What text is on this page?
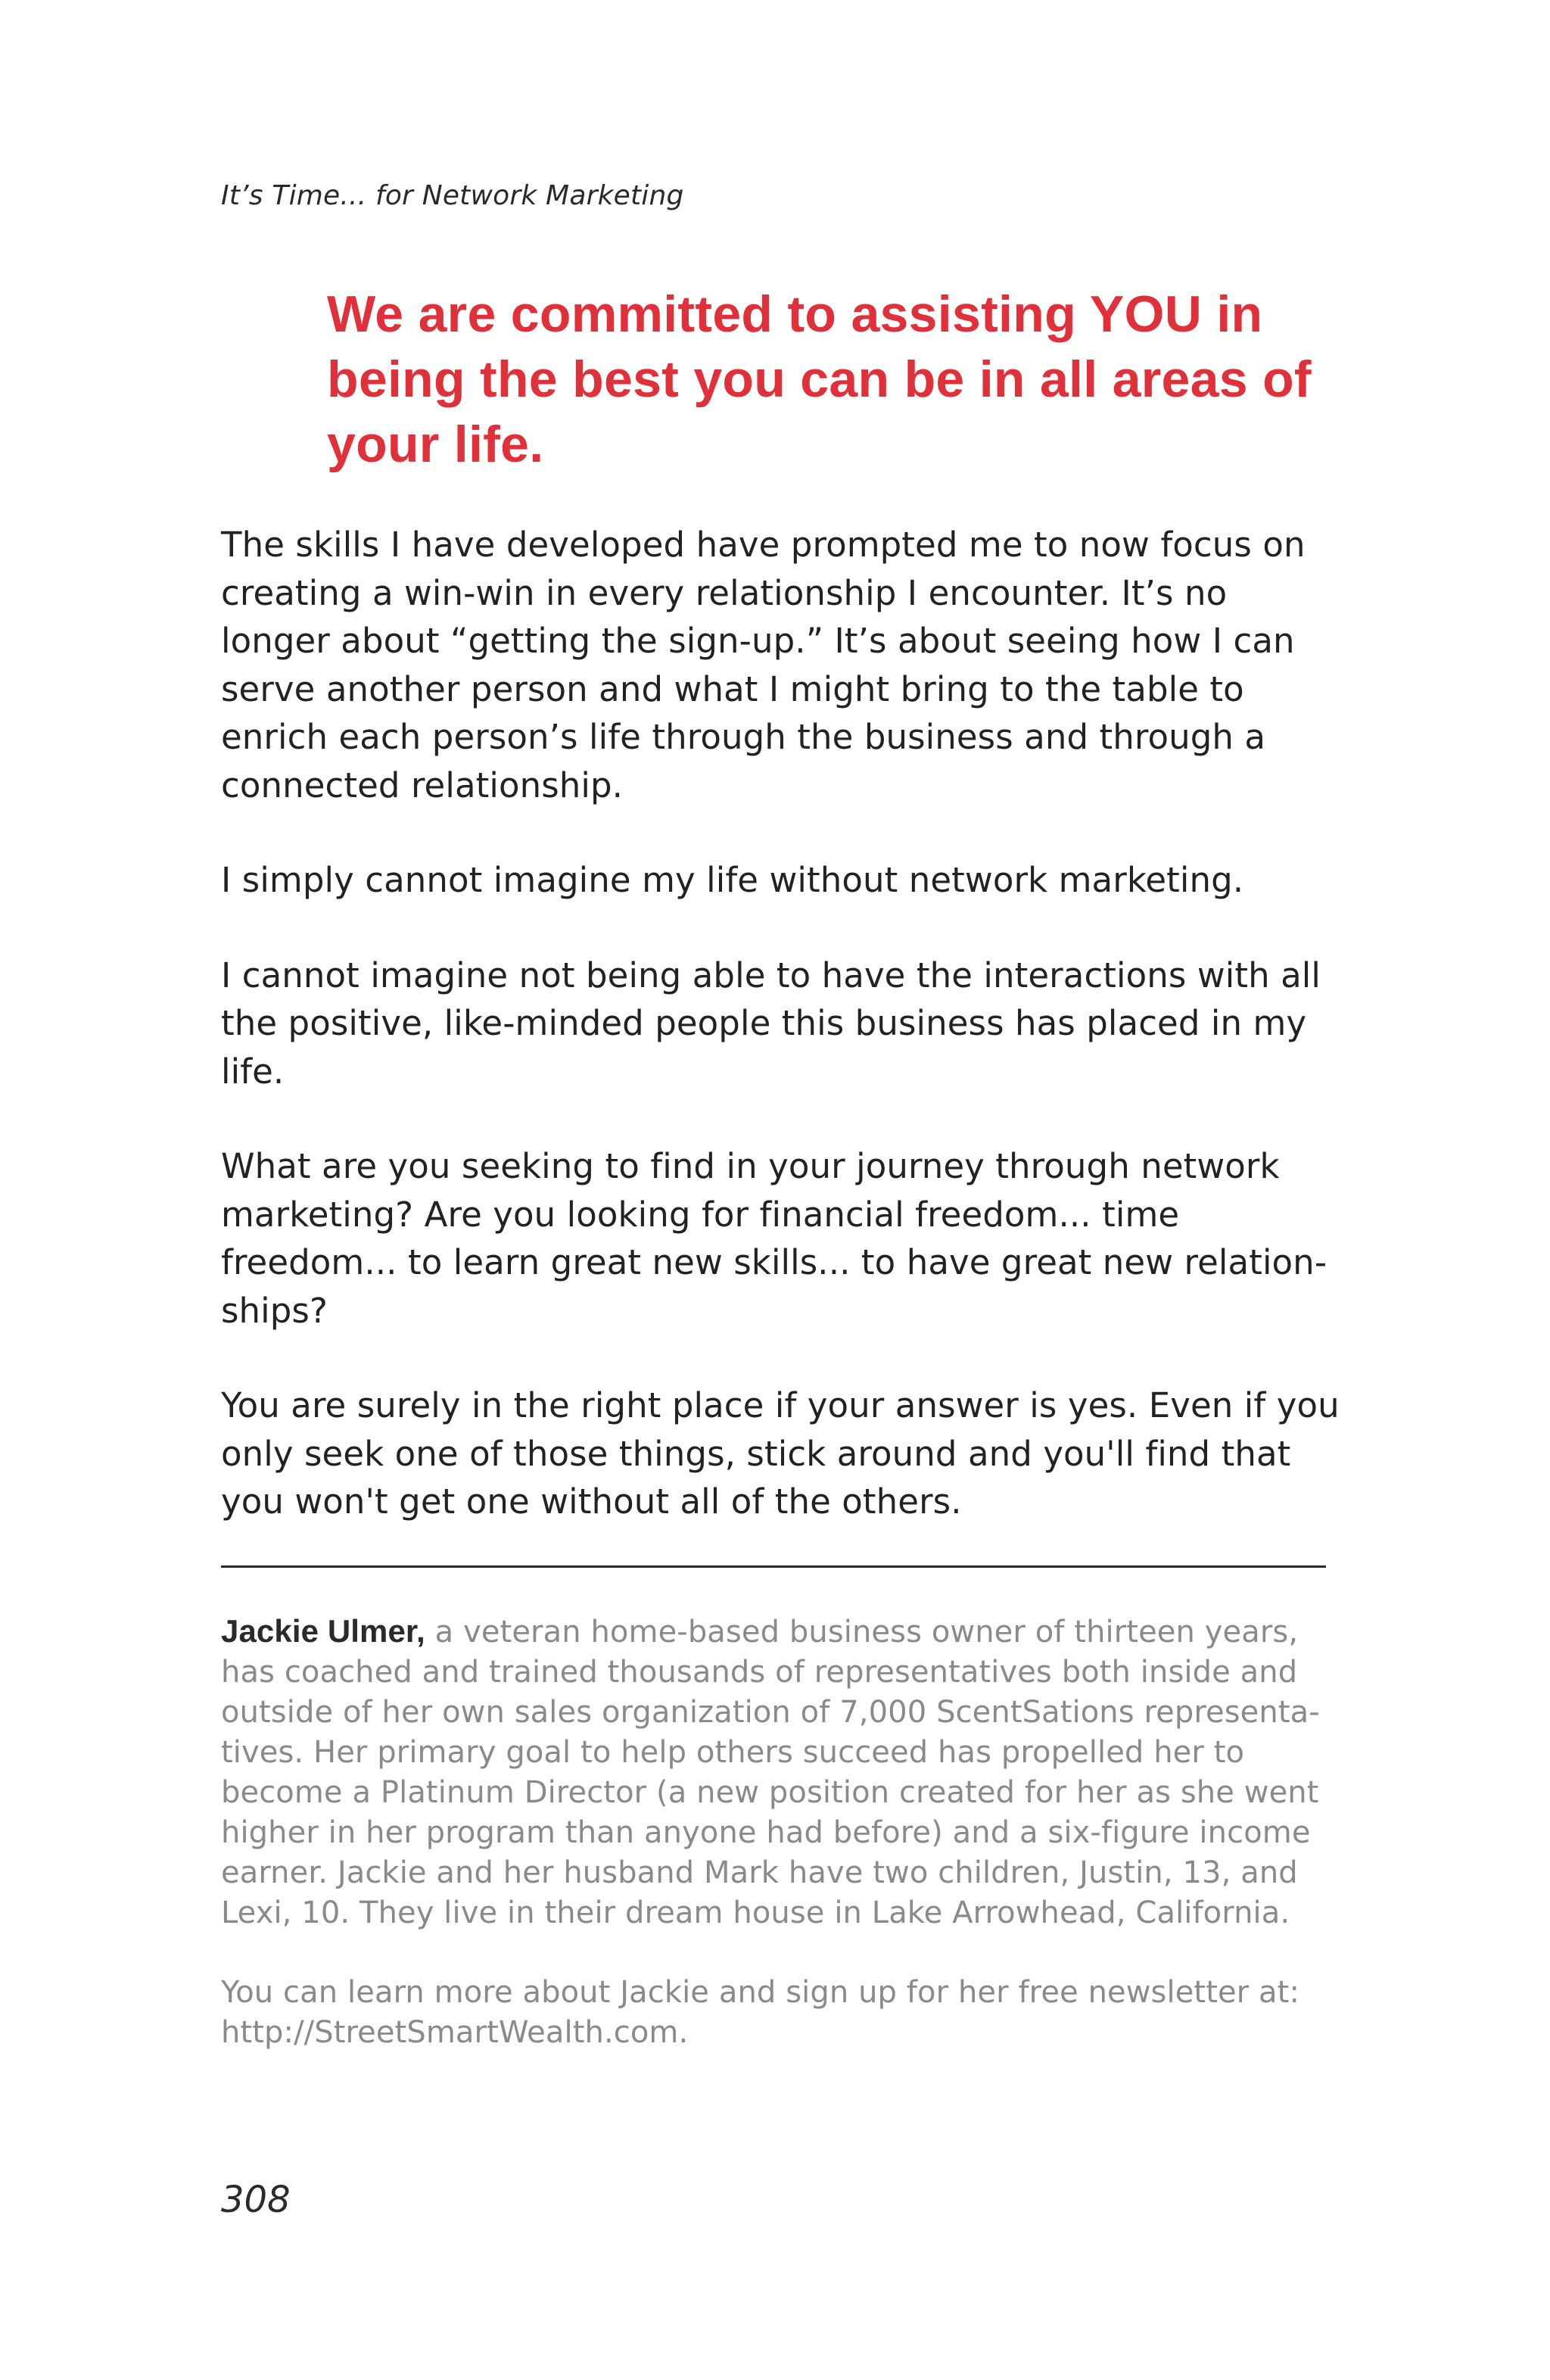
It’s Time... for Network Marketing
We are committed to assisting YOU in being the best you can be in all areas of your life.

The skills I have developed have prompted me to now focus on creating a win-win in every relationship I encounter. It’s no longer about “getting the sign-up.” It’s about seeing how I can serve another person and what I might bring to the table to enrich each person’s life through the business and through a connected relationship.

I simply cannot imagine my life without network marketing.

I cannot imagine not being able to have the interactions with all the positive, like-minded people this business has placed in my life.

What are you seeking to find in your journey through network marketing? Are you looking for financial freedom... time freedom... to learn great new skills... to have great new relationships?

You are surely in the right place if your answer is yes. Even if you only seek one of those things, stick around and you'll find that you won't get one without all of the others.

Jackie Ulmer, a veteran home-based business owner of thirteen years, has coached and trained thousands of representatives both inside and outside of her own sales organization of 7,000 ScentSations representatives. Her primary goal to help others succeed has propelled her to become a Platinum Director (a new position created for her as she went higher in her program than anyone had before) and a six-figure income earner. Jackie and her husband Mark have two children, Justin, 13, and Lexi, 10. They live in their dream house in Lake Arrowhead, California.

You can learn more about Jackie and sign up for her free newsletter at: http://StreetSmartWealth.com.

308
